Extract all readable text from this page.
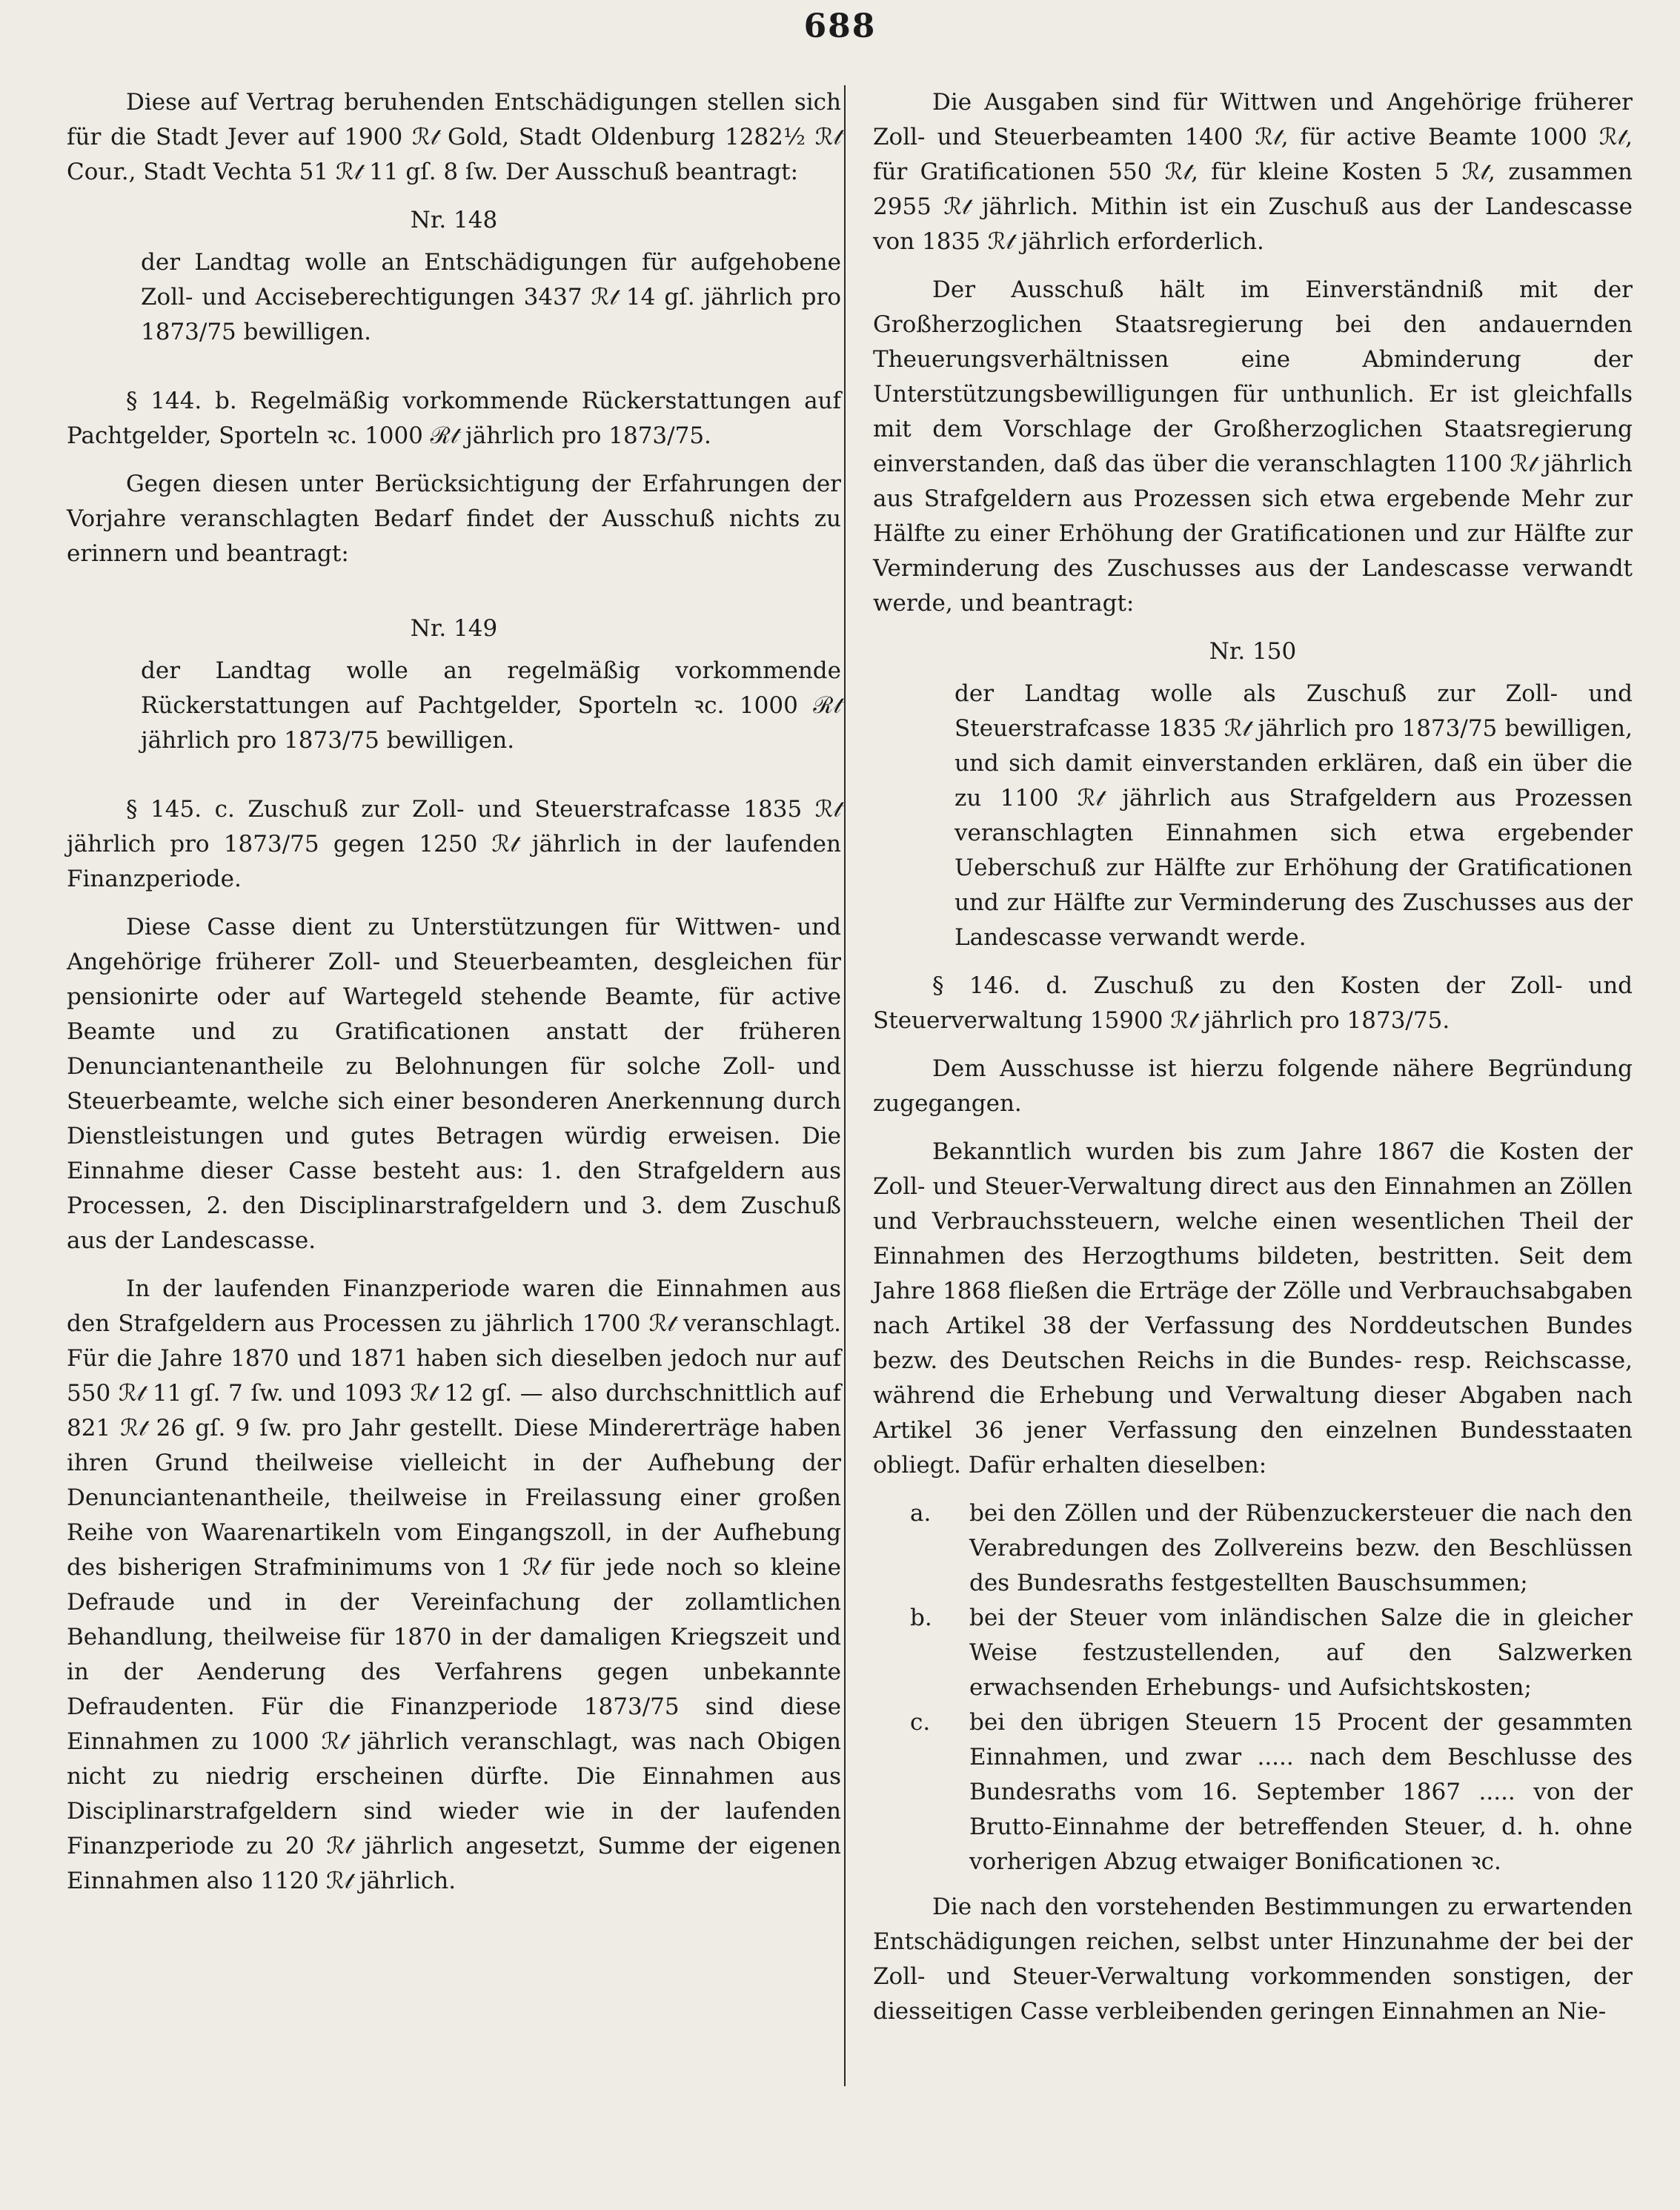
688

Diese auf Vertrag beruhenden Entschädigungen stellen sich für die Stadt Jever auf 1900 ℛ𝓉 Gold, Stadt Oldenburg 1282½ ℛ𝓉 Cour., Stadt Vechta 51 ℛ𝓉 11 gſ. 8 ſw. Der Ausschuß beantragt:

Nr. 148

der Landtag wolle an Entschädigungen für aufgehobene Zoll- und Acciseberechtigungen 3437 ℛ𝓉 14 gſ. jährlich pro 1873/75 bewilligen.

§ 144. b. Regelmäßig vorkommende Rückerstattungen auf Pachtgelder, Sporteln ꝛc. 1000 ℛ𝓉 jährlich pro 1873/75.

Gegen diesen unter Berücksichtigung der Erfahrungen der Vorjahre veranschlagten Bedarf findet der Ausschuß nichts zu erinnern und beantragt:

Nr. 149

der Landtag wolle an regelmäßig vorkommende Rückerstattungen auf Pachtgelder, Sporteln ꝛc. 1000 ℛ𝓉 jährlich pro 1873/75 bewilligen.

§ 145. c. Zuschuß zur Zoll- und Steuerstrafcasse 1835 ℛ𝓉 jährlich pro 1873/75 gegen 1250 ℛ𝓉 jährlich in der laufenden Finanzperiode.

Diese Casse dient zu Unterstützungen für Wittwen- und Angehörige früherer Zoll- und Steuerbeamten, desgleichen für pensionirte oder auf Wartegeld stehende Beamte, für active Beamte und zu Gratificationen anstatt der früheren Denunciantenantheile zu Belohnungen für solche Zoll- und Steuerbeamte, welche sich einer besonderen Anerkennung durch Dienstleistungen und gutes Betragen würdig erweisen. Die Einnahme dieser Casse besteht aus: 1. den Strafgeldern aus Processen, 2. den Disciplinarstrafgeldern und 3. dem Zuschuß aus der Landescasse.

In der laufenden Finanzperiode waren die Einnahmen aus den Strafgeldern aus Processen zu jährlich 1700 ℛ𝓉 veranschlagt. Für die Jahre 1870 und 1871 haben sich dieselben jedoch nur auf 550 ℛ𝓉 11 gſ. 7 ſw. und 1093 ℛ𝓉 12 gſ. — also durchschnittlich auf 821 ℛ𝓉 26 gſ. 9 ſw. pro Jahr gestellt. Diese Mindererträge haben ihren Grund theilweise vielleicht in der Aufhebung der Denunciantenantheile, theilweise in Freilassung einer großen Reihe von Waarenartikeln vom Eingangszoll, in der Aufhebung des bisherigen Strafminimums von 1 ℛ𝓉 für jede noch so kleine Defraude und in der Vereinfachung der zollamtlichen Behandlung, theilweise für 1870 in der damaligen Kriegszeit und in der Aenderung des Verfahrens gegen unbekannte Defraudenten. Für die Finanzperiode 1873/75 sind diese Einnahmen zu 1000 ℛ𝓉 jährlich veranschlagt, was nach Obigen nicht zu niedrig erscheinen dürfte. Die Einnahmen aus Disciplinarstrafgeldern sind wieder wie in der laufenden Finanzperiode zu 20 ℛ𝓉 jährlich angesetzt, Summe der eigenen Einnahmen also 1120 ℛ𝓉 jährlich.

Die Ausgaben sind für Wittwen und Angehörige früherer Zoll- und Steuerbeamten 1400 ℛ𝓉, für active Beamte 1000 ℛ𝓉, für Gratificationen 550 ℛ𝓉, für kleine Kosten 5 ℛ𝓉, zusammen 2955 ℛ𝓉 jährlich. Mithin ist ein Zuschuß aus der Landescasse von 1835 ℛ𝓉 jährlich erforderlich.

Der Ausschuß hält im Einverständniß mit der Großherzoglichen Staatsregierung bei den andauernden Theuerungsverhältnissen eine Abminderung der Unterstützungsbewilligungen für unthunlich. Er ist gleichfalls mit dem Vorschlage der Großherzoglichen Staatsregierung einverstanden, daß das über die veranschlagten 1100 ℛ𝓉 jährlich aus Strafgeldern aus Prozessen sich etwa ergebende Mehr zur Hälfte zu einer Erhöhung der Gratificationen und zur Hälfte zur Verminderung des Zuschusses aus der Landescasse verwandt werde, und beantragt:

Nr. 150

der Landtag wolle als Zuschuß zur Zoll- und Steuerstrafcasse 1835 ℛ𝓉 jährlich pro 1873/75 bewilligen, und sich damit einverstanden erklären, daß ein über die zu 1100 ℛ𝓉 jährlich aus Strafgeldern aus Prozessen veranschlagten Einnahmen sich etwa ergebender Ueberschuß zur Hälfte zur Erhöhung der Gratificationen und zur Hälfte zur Verminderung des Zuschusses aus der Landescasse verwandt werde.

§ 146. d. Zuschuß zu den Kosten der Zoll- und Steuerverwaltung 15900 ℛ𝓉 jährlich pro 1873/75.

Dem Ausschusse ist hierzu folgende nähere Begründung zugegangen.

Bekanntlich wurden bis zum Jahre 1867 die Kosten der Zoll- und Steuer-Verwaltung direct aus den Einnahmen an Zöllen und Verbrauchssteuern, welche einen wesentlichen Theil der Einnahmen des Herzogthums bildeten, bestritten. Seit dem Jahre 1868 fließen die Erträge der Zölle und Verbrauchsabgaben nach Artikel 38 der Verfassung des Norddeutschen Bundes bezw. des Deutschen Reichs in die Bundes- resp. Reichscasse, während die Erhebung und Verwaltung dieser Abgaben nach Artikel 36 jener Verfassung den einzelnen Bundesstaaten obliegt. Dafür erhalten dieselben:

a. bei den Zöllen und der Rübenzuckersteuer die nach den Verabredungen des Zollvereins bezw. den Beschlüssen des Bundesraths festgestellten Bauschsummen;
b. bei der Steuer vom inländischen Salze die in gleicher Weise festzustellenden, auf den Salzwerken erwachsenden Erhebungs- und Aufsichtskosten;
c. bei den übrigen Steuern 15 Procent der gesammten Einnahmen, und zwar ..... nach dem Beschlusse des Bundesraths vom 16. September 1867 ..... von der Brutto-Einnahme der betreffenden Steuer, d. h. ohne vorherigen Abzug etwaiger Bonificationen ꝛc.

Die nach den vorstehenden Bestimmungen zu erwartenden Entschädigungen reichen, selbst unter Hinzunahme der bei der Zoll- und Steuer-Verwaltung vorkommenden sonstigen, der diesseitigen Casse verbleibenden geringen Einnahmen an Nie-
